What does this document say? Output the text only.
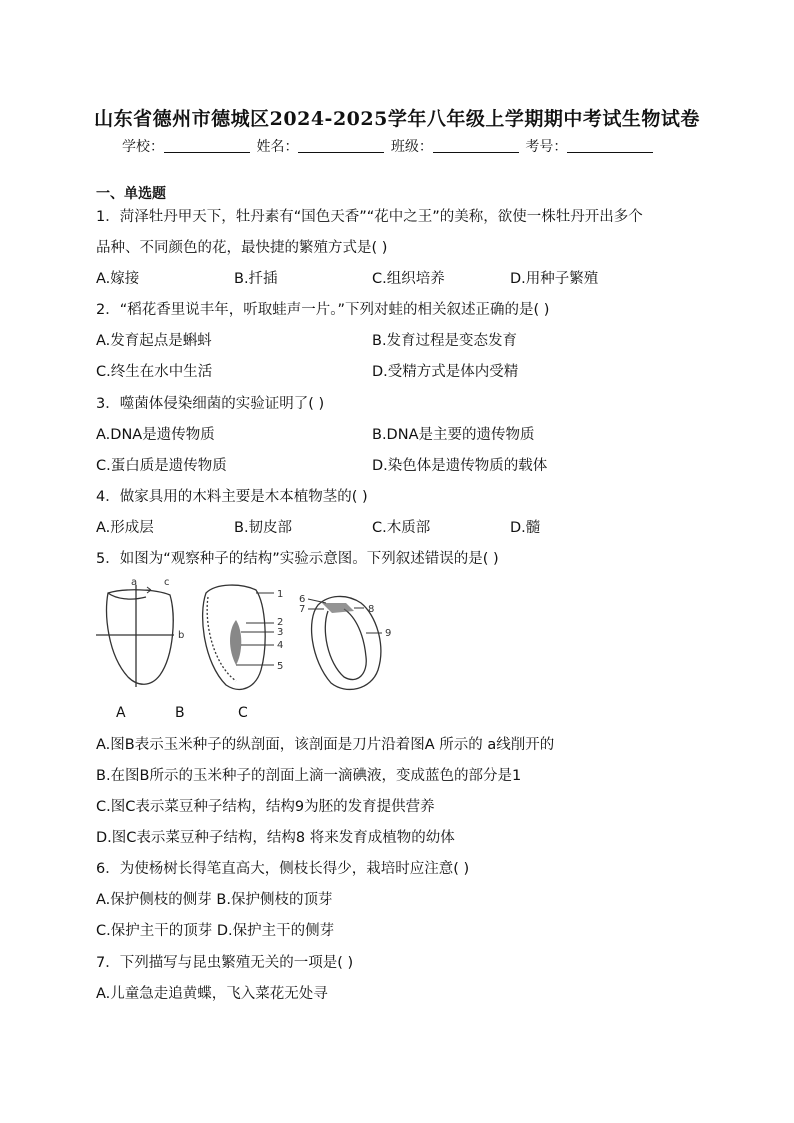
山东省德州市德城区2024-2025学年八年级上学期期中考试生物试卷
学校：	姓名：	班级：	考号：
一、单选题
1．菏泽牡丹甲天下，牡丹素有“国色天香”“花中之王”的美称，欲使一株牡丹开出多个
品种、不同颜色的花，最快捷的繁殖方式是( )
A.嫁接	B.扦插	C.组织培养	D.用种子繁殖
2．“稻花香里说丰年，听取蛙声一片。”下列对蛙的相关叙述正确的是( )
A.发育起点是蝌蚪	B.发育过程是变态发育
C.终生在水中生活	D.受精方式是体内受精
3．噬菌体侵染细菌的实验证明了( )
A.DNA是遗传物质	B.DNA是主要的遗传物质
C.蛋白质是遗传物质	D.染色体是遗传物质的载体
4．做家具用的木料主要是木本植物茎的( )
A.形成层	B.韧皮部	C.木质部	D.髓
5．如图为“观察种子的结构”实验示意图。下列叙述错误的是( )
a	c
b
1
2
3
4
5
6
7	8
9
A	B	C
A.图B表示玉米种子的纵剖面，该剖面是刀片沿着图A 所示的 a线削开的
B.在图B所示的玉米种子的剖面上滴一滴碘液，变成蓝色的部分是1
C.图C表示菜豆种子结构，结构9为胚的发育提供营养
D.图C表示菜豆种子结构，结构8 将来发育成植物的幼体
6．为使杨树长得笔直高大，侧枝长得少，栽培时应注意( )
A.保护侧枝的侧芽 B.保护侧枝的顶芽
C.保护主干的顶芽 D.保护主干的侧芽
7．下列描写与昆虫繁殖无关的一项是( )
A.儿童急走追黄蝶，飞入菜花无处寻
